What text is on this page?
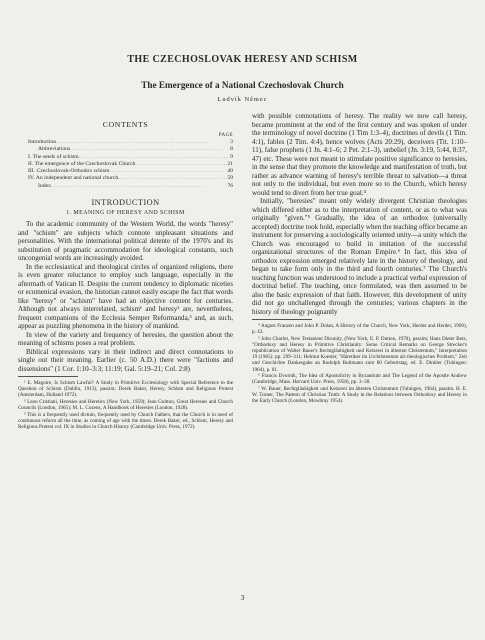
THE CZECHOSLOVAK HERESY AND SCHISM
The Emergence of a National Czechoslovak Church
Ludvík Němec
CONTENTS
PAGE
Introduction . . .	3
Abbreviations . . .	8
I. The seeds of schism . . .	9
II. The emergence of the Czechoslovak Church . . .	21
III. Czechoslovak-Orthodox schism . . .	40
IV. An independent and national church . . .	59
Index . . .	76
INTRODUCTION
1. MEANING OF HERESY AND SCHISM

To the academic community of the Western World, the words "heresy" and "schism" are subjects which connote unpleasant situations and personalities. With the international political detente of the 1970's and its substitution of pragmatic accommodation for ideological constants, such uncongenial words are increasingly avoided.

In the ecclesiastical and theological circles of organized religions, there is even greater reluctance to employ such language, especially in the aftermath of Vatican II. Despite the current tendency to diplomatic niceties or ecumenical evasion, the historian cannot easily escape the fact that words like "heresy" or "schism" have had an objective content for centuries. Although not always interrelated, schism¹ and heresy² are, nevertheless, frequent companions of the Ecclesia Semper Reformanda,³ and, as such, appear as puzzling phenomena in the history of mankind.

In view of the variety and frequency of heresies, the question about the meaning of schisms poses a real problem.

Biblical expressions vary in their indirect and direct connotations to single out their meaning. Earlier (c. 50 A.D.) there were "factions and dissensions" (1 Cor. 1:10–3:3; 11:19; Gal. 5:19–21; Col. 2:8)

¹ E. Magoire, Is Schism Lawful? A Study in Primitive Ecclesiology with Special Reference to the Question of Schism (Dublin, 1913), passim; Derek Baker, Heresy, Schism and Religious Protest (Amsterdam, Holland 1972).

² Leon Cristiani, Heresies and Heretics (New York, 1959); Jean Guitton, Great Heresies and Church Councils (London, 1965); M. L. Cozens, A Handbook of Heresies (London, 1928).

³ This is a frequently used dictum, frequently used by Church Fathers, that the Church is in need of continuous reform all the time, as coming of age with the times. Derek Baker, ed., Schism, Heresy and Religious Protest vol. IX in Studies in Church History (Cambridge Univ. Press, 1972).

with possible connotations of heresy. The reality we now call heresy, became prominent at the end of the first century and was spoken of under the terminology of novel doctrine (1 Tim 1:3–4), doctrines of devils (1 Tim. 4:1), fables (2 Tim. 4:4), hence wolves (Acts 20:29), deceivers (Tit. 1:10–11), false prophets (1 Jn. 4:1–6; 2 Pet. 2:1–3), unbelief (Jn. 3:19, 5:44, 8:37, 47) etc. These were not meant to stimulate positive significance to heresies, in the sense that they promote the knowledge and manifestation of truth, but rather as advance warning of heresy's terrible threat to salvation—a threat not only to the individual, but even more so to the Church, which heresy would tend to divert from her true goal.⁴

Initially, "heresies" meant only widely divergent Christian theologies which differed either as to the interpretation of content, or as to what was originally "given."⁵ Gradually, the idea of an orthodox (universally accepted) doctrine took hold, especially when the teaching office became an instrument for preserving a sociologically oriented unity—a unity which the Church was encouraged to build in imitation of the successful organizational structures of the Roman Empire.⁶ In fact, this idea of orthodox expression emerged relatively late in the history of theology, and began to take form only in the third and fourth centuries.⁷ The Church's teaching function was understood to include a practical verbal expression of doctrinal belief. The teaching, once formulated, was then assumed to be also the basic expression of that faith. However, this development of unity did not go unchallenged through the centuries; various chapters in the history of theology poignantly

⁴ August Franzen and John P. Dolan, A History of the Church, New York, Herder and Herder, 1969), p. 43.

⁵ John Charlot, New Testament Disunity, (New York, E. P. Dutton, 1970), passim; Hans Dieter Betz, "Orthodoxy and Heresy in Primitive Christianity: Some Critical Remarks on George Strecker's republication of Walter Bauer's Rechtgläubigkeit und Ketzerei in ältesten Christentum," Interpretation 19 (1965): pp. 299–311; Helmut Koester, "Häretiker im Urchristentum als theologisches Problem," Zeit und Geschichte Dankesgabe an Rudolph Bultmann zum 80 Geburtstag, ed. E. Dinkler (Tubingen: 1964), p. 61.

⁶ Francis Dvornik, The Idea of Apostolicity in Byzantium and The Legend of the Apostle Andrew (Cambridge, Mass. Harvard Univ. Press, 1958), pp. 3–38.

⁷ W. Bauer, Rechtgläubigkeit und Ketzerei im ältesten Christentum (Tubingen, 1964), passim. H. E. W. Turner, The Pattern of Christian Truth: A Study in the Relations between Orthodoxy and Heresy in the Early Church (London, Mowbray 1954).

3
